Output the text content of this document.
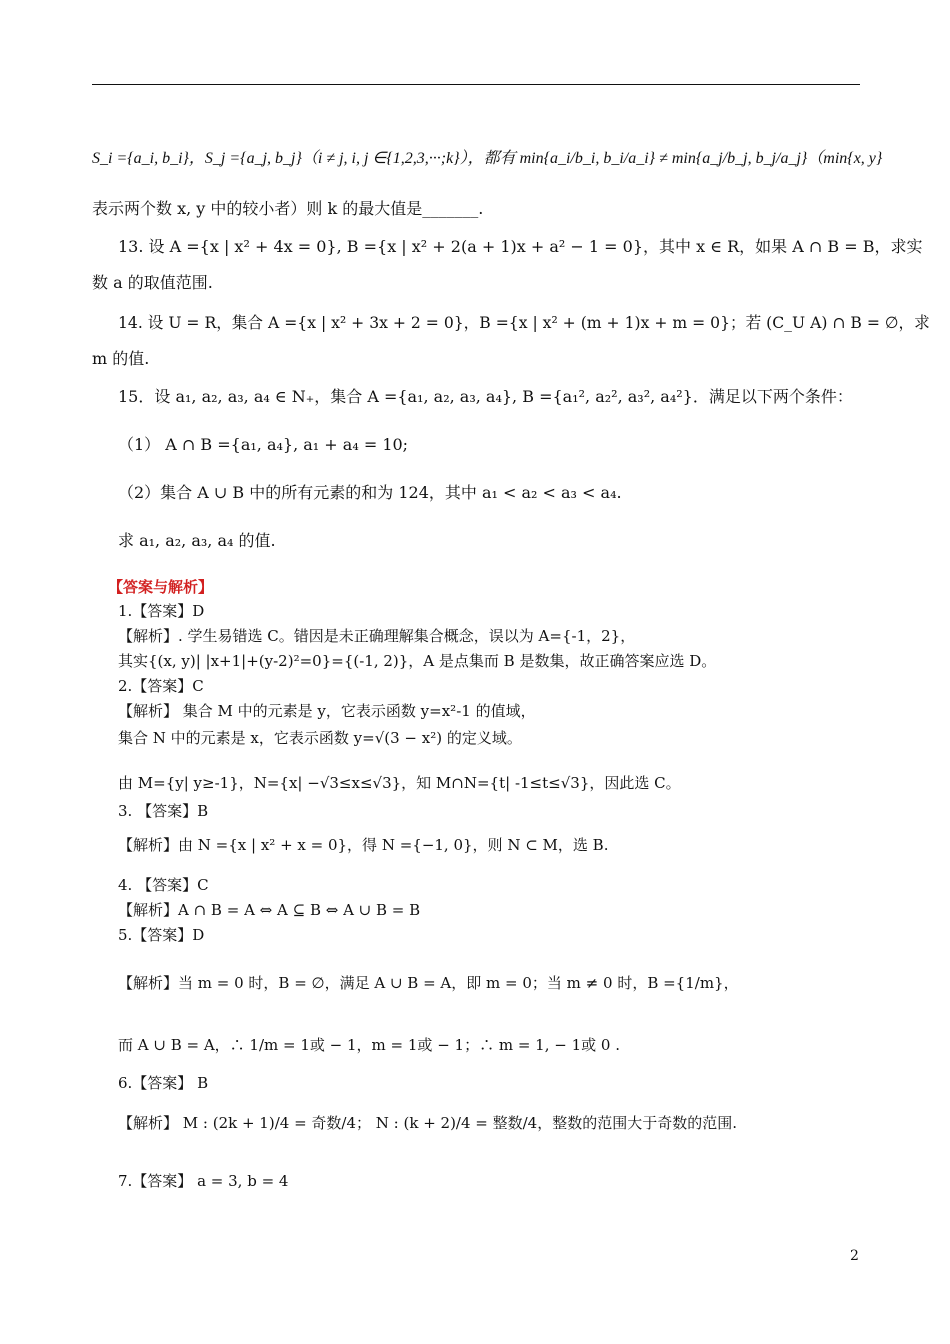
S_i ={a_i, b_i}，S_j ={a_j, b_j}（i ≠ j, i, j ∈{1,2,3,···;k}），都有 min{a_i/b_i, b_i/a_i} ≠ min{a_j/b_j, b_j/a_j}（min{x, y}
表示两个数 x, y 中的较小者）则 k 的最大值是_______.
13. 设 A ={x | x² + 4x = 0}, B ={x | x² + 2(a + 1)x + a² − 1 = 0}，其中 x ∈ R，如果 A ∩ B = B，求实
数 a 的取值范围.
14. 设 U = R，集合 A ={x | x² + 3x + 2 = 0}，B ={x | x² + (m + 1)x + m = 0}；若 (C_U A) ∩ B = ∅，求
m 的值.
15．设 a₁, a₂, a₃, a₄ ∈ N₊，集合 A ={a₁, a₂, a₃, a₄}, B ={a₁², a₂², a₃², a₄²}．满足以下两个条件：
（1） A ∩ B ={a₁, a₄}, a₁ + a₄ = 10;
（2）集合 A ∪ B 中的所有元素的和为 124，其中 a₁ < a₂ < a₃ < a₄.
求 a₁, a₂, a₃, a₄ 的值.
【答案与解析】
1.【答案】D
【解析】. 学生易错选 C。错因是未正确理解集合概念，误以为 A={-1，2}，
其实{(x, y)| |x+1|+(y-2)²=0}={(-1, 2)}，A 是点集而 B 是数集，故正确答案应选 D。
2.【答案】C
【解析】 集合 M 中的元素是 y，它表示函数 y=x²-1 的值域，
集合 N 中的元素是 x，它表示函数 y=√(3 − x²) 的定义域。
由 M={y| y≥-1}，N={x| −√3≤x≤√3}，知 M∩N={t| -1≤t≤√3}，因此选 C。
3. 【答案】B
【解析】由 N ={x | x² + x = 0}，得 N ={−1, 0}，则 N ⊂ M，选 B.
4. 【答案】C
【解析】A ∩ B = A ⇔ A ⊆ B ⇔ A ∪ B = B
5.【答案】D
【解析】当 m = 0 时，B = ∅，满足 A ∪ B = A，即 m = 0；当 m ≠ 0 时，B ={1/m}，
而 A ∪ B = A，∴ 1/m = 1或 − 1，m = 1或 − 1；∴ m = 1, − 1或 0 .
6.【答案】 B
【解析】 M : (2k + 1)/4 = 奇数/4； N : (k + 2)/4 = 整数/4，整数的范围大于奇数的范围.
7.【答案】 a = 3, b = 4
2
